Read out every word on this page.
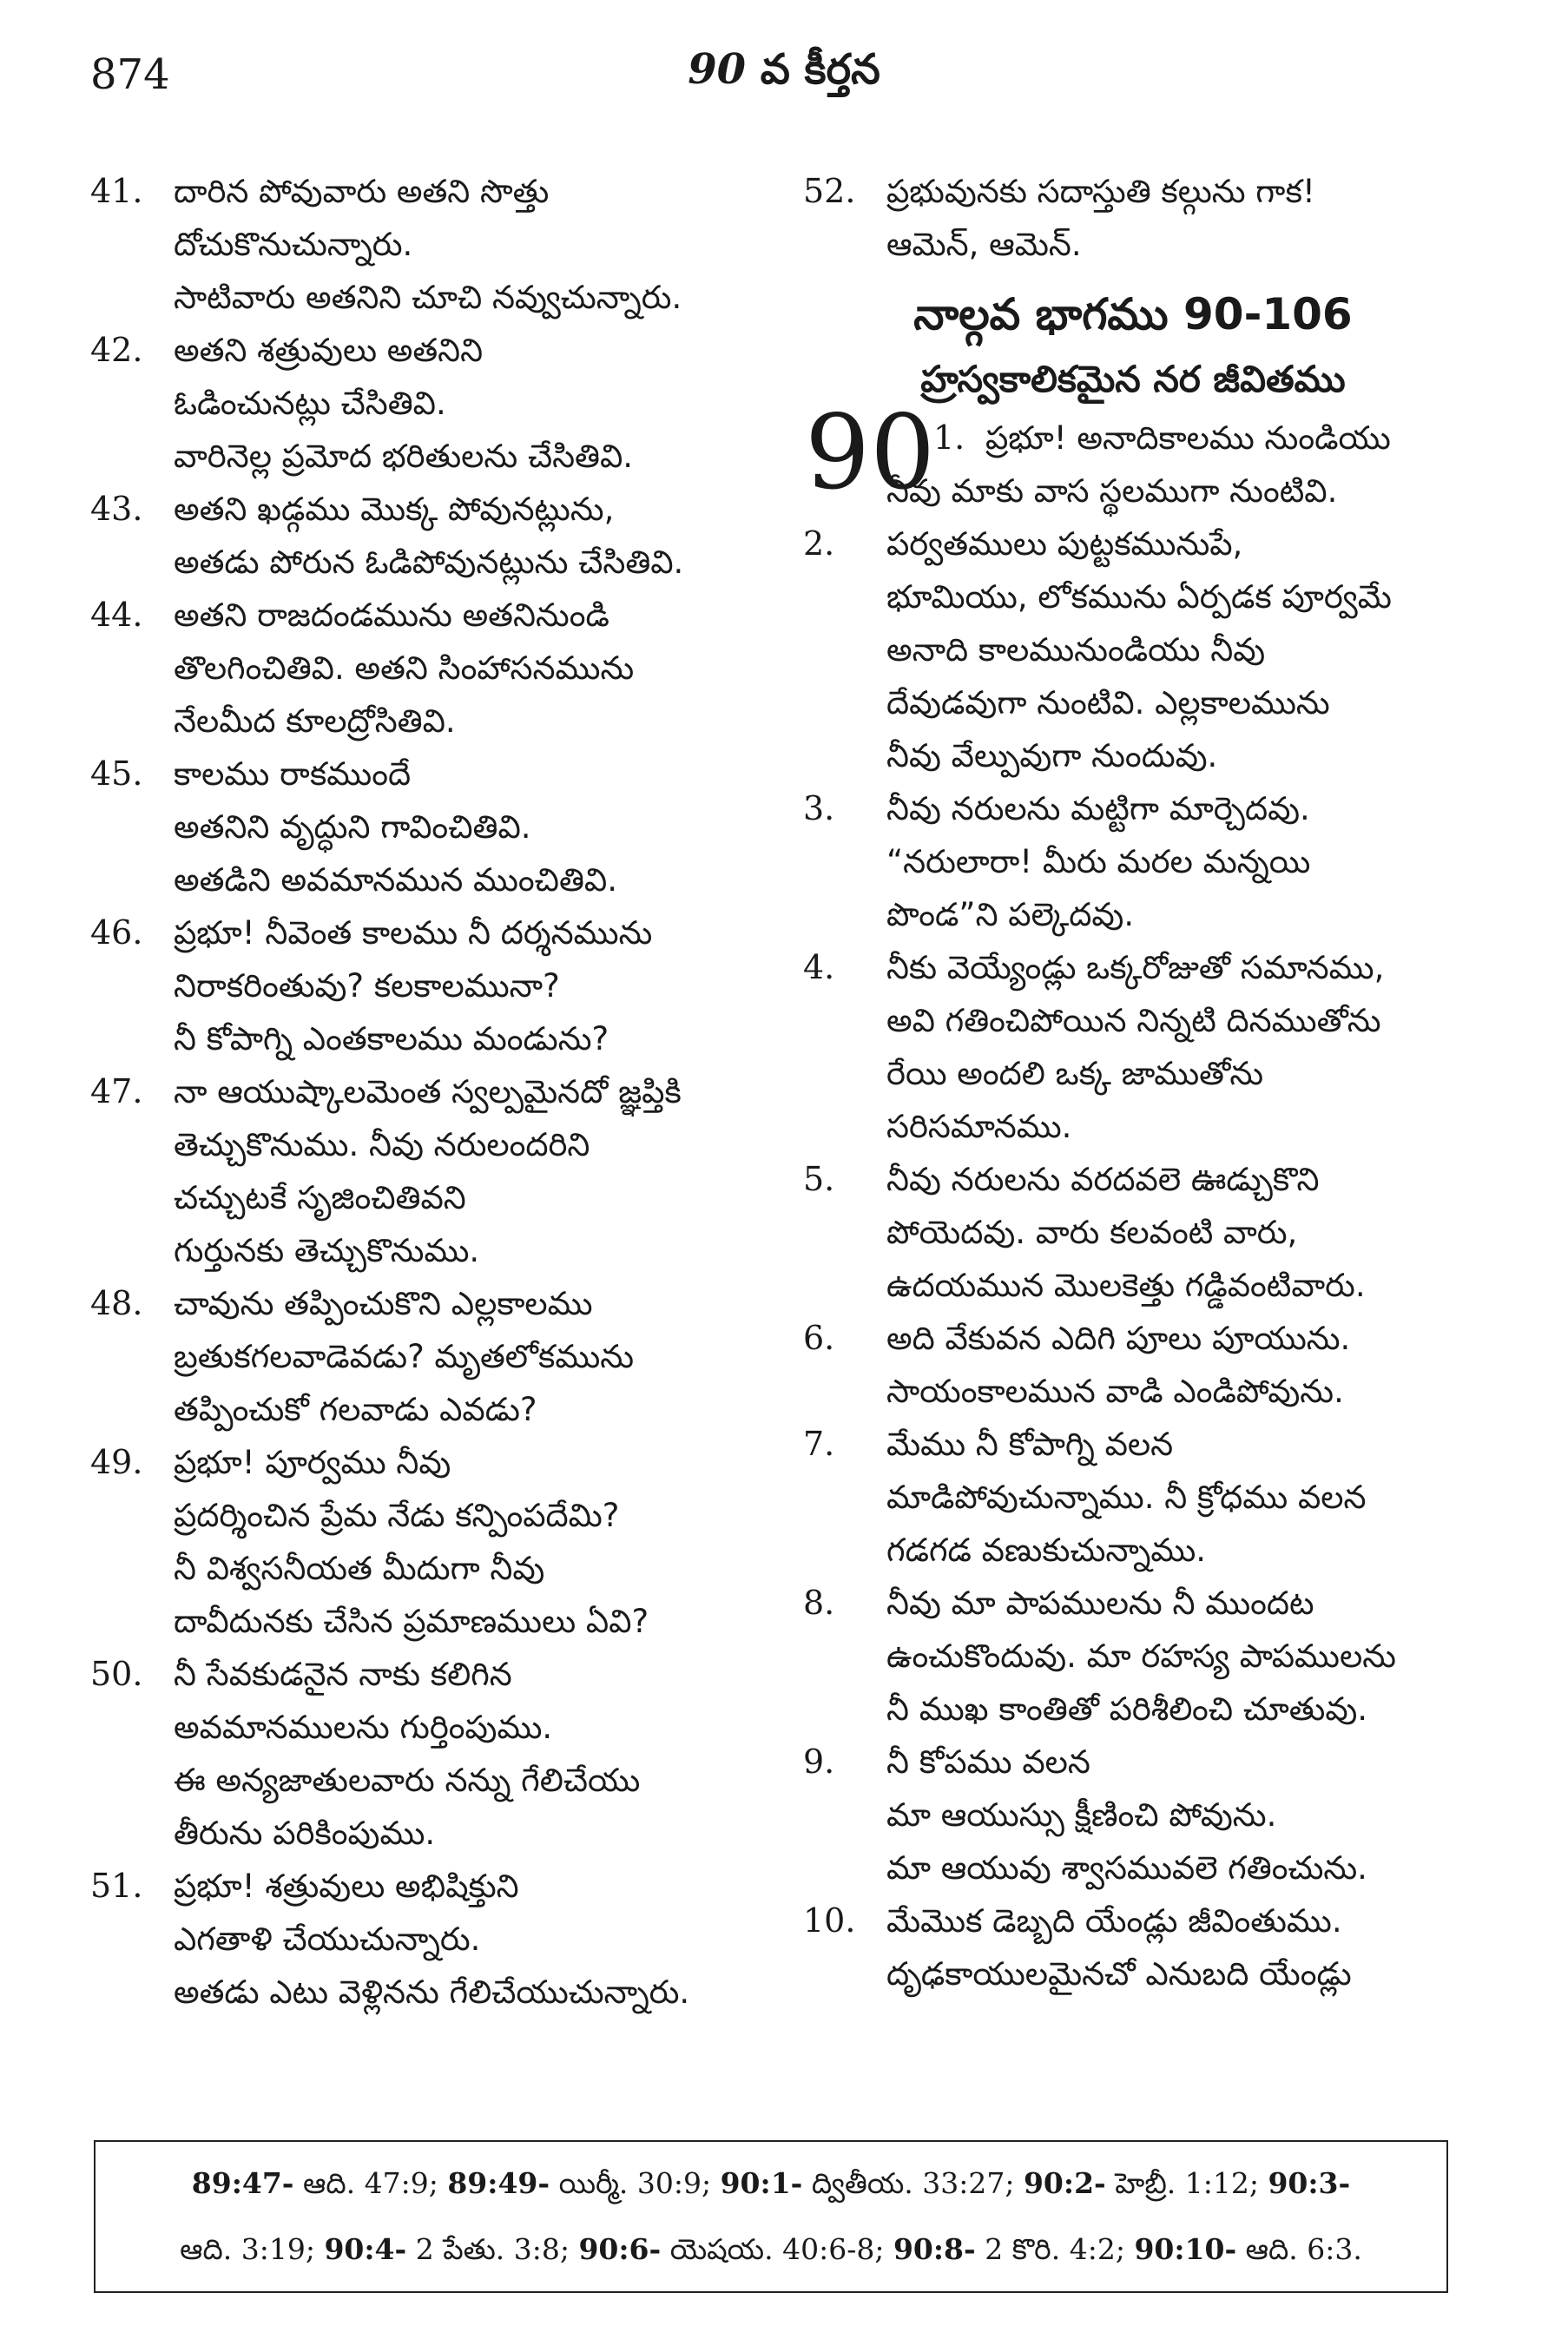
874	90 వ కీర్తన
41. దారిన పోవువారు అతని సొత్తు
దోచుకొనుచున్నారు.
సాటివారు అతనిని చూచి నవ్వుచున్నారు.
42. అతని శత్రువులు అతనిని
ఓడించునట్లు చేసితివి.
వారినెల్ల ప్రమోద భరితులను చేసితివి.
43. అతని ఖడ్గము మొక్క పోవునట్లును,
అతడు పోరున ఓడిపోవునట్లును చేసితివి.
44. అతని రాజదండమును అతనినుండి
తొలగించితివి. అతని సింహాసనమును
నేలమీద కూలద్రోసితివి.
45. కాలము రాకముందే
అతనిని వృద్ధుని గావించితివి.
అతడిని అవమానమున ముంచితివి.
46. ప్రభూ! నీవెంత కాలము నీ దర్శనమును
నిరాకరింతువు? కలకాలమునా?
నీ కోపాగ్ని ఎంతకాలము మండును?
47. నా ఆయుష్కాలమెంత స్వల్పమైనదో జ్ఞప్తికి
తెచ్చుకొనుము. నీవు నరులందరిని
చచ్చుటకే సృజించితివని
గుర్తునకు తెచ్చుకొనుము.
48. చావును తప్పించుకొని ఎల్లకాలము
బ్రతుకగలవాడెవడు? మృతలోకమును
తప్పించుకో గలవాడు ఎవడు?
49. ప్రభూ! పూర్వము నీవు
ప్రదర్శించిన ప్రేమ నేడు కన్పింపదేమి?
నీ విశ్వసనీయత మీదుగా నీవు
దావీదునకు చేసిన ప్రమాణములు ఏవి?
50. నీ సేవకుడనైన నాకు కలిగిన
అవమానములను గుర్తింపుము.
ఈ అన్యజాతులవారు నన్ను గేలిచేయు
తీరును పరికింపుము.
51. ప్రభూ! శత్రువులు అభిషిక్తుని
ఎగతాళి చేయుచున్నారు.
అతడు ఎటు వెళ్లినను గేలిచేయుచున్నారు.
52. ప్రభువునకు సదాస్తుతి కల్గును గాక!
ఆమెన్, ఆమెన్.
నాల్గవ భాగము 90-106
హ్రస్వకాలికమైన నర జీవితము
90
1. ప్రభూ! అనాదికాలము నుండియు
నీవు మాకు వాస స్థలముగా నుంటివి.
2. పర్వతములు పుట్టకమునుపే,
భూమియు, లోకమును ఏర్పడక పూర్వమే
అనాది కాలమునుండియు నీవు
దేవుడవుగా నుంటివి. ఎల్లకాలమును
నీవు వేల్పువుగా నుందువు.
3. నీవు నరులను మట్టిగా మార్చెదవు.
“నరులారా! మీరు మరల మన్నయి
పొండ”ని పల్కెదవు.
4. నీకు వెయ్యేండ్లు ఒక్కరోజుతో సమానము,
అవి గతించిపోయిన నిన్నటి దినముతోను
రేయి అందలి ఒక్క జాముతోను
సరిసమానము.
5. నీవు నరులను వరదవలె ఊడ్చుకొని
పోయెదవు. వారు కలవంటి వారు,
ఉదయమున మొలకెత్తు గడ్డివంటివారు.
6. అది వేకువన ఎదిగి పూలు పూయును.
సాయంకాలమున వాడి ఎండిపోవును.
7. మేము నీ కోపాగ్ని వలన
మాడిపోవుచున్నాము. నీ క్రోధము వలన
గడగడ వణుకుచున్నాము.
8. నీవు మా పాపములను నీ ముందట
ఉంచుకొందువు. మా రహస్య పాపములను
నీ ముఖ కాంతితో పరిశీలించి చూతువు.
9. నీ కోపము వలన
మా ఆయుస్సు క్షీణించి పోవును.
మా ఆయువు శ్వాసమువలె గతించును.
10. మేమొక డెబ్బది యేండ్లు జీవింతుము.
దృఢకాయులమైనచో ఎనుబది యేండ్లు
89:47- ఆది. 47:9; 89:49- యిర్మీ. 30:9; 90:1- ద్వితీయ. 33:27; 90:2- హెబ్రీ. 1:12; 90:3-
ఆది. 3:19; 90:4- 2 పేతు. 3:8; 90:6- యెషయ. 40:6-8; 90:8- 2 కొరి. 4:2; 90:10- ఆది. 6:3.
